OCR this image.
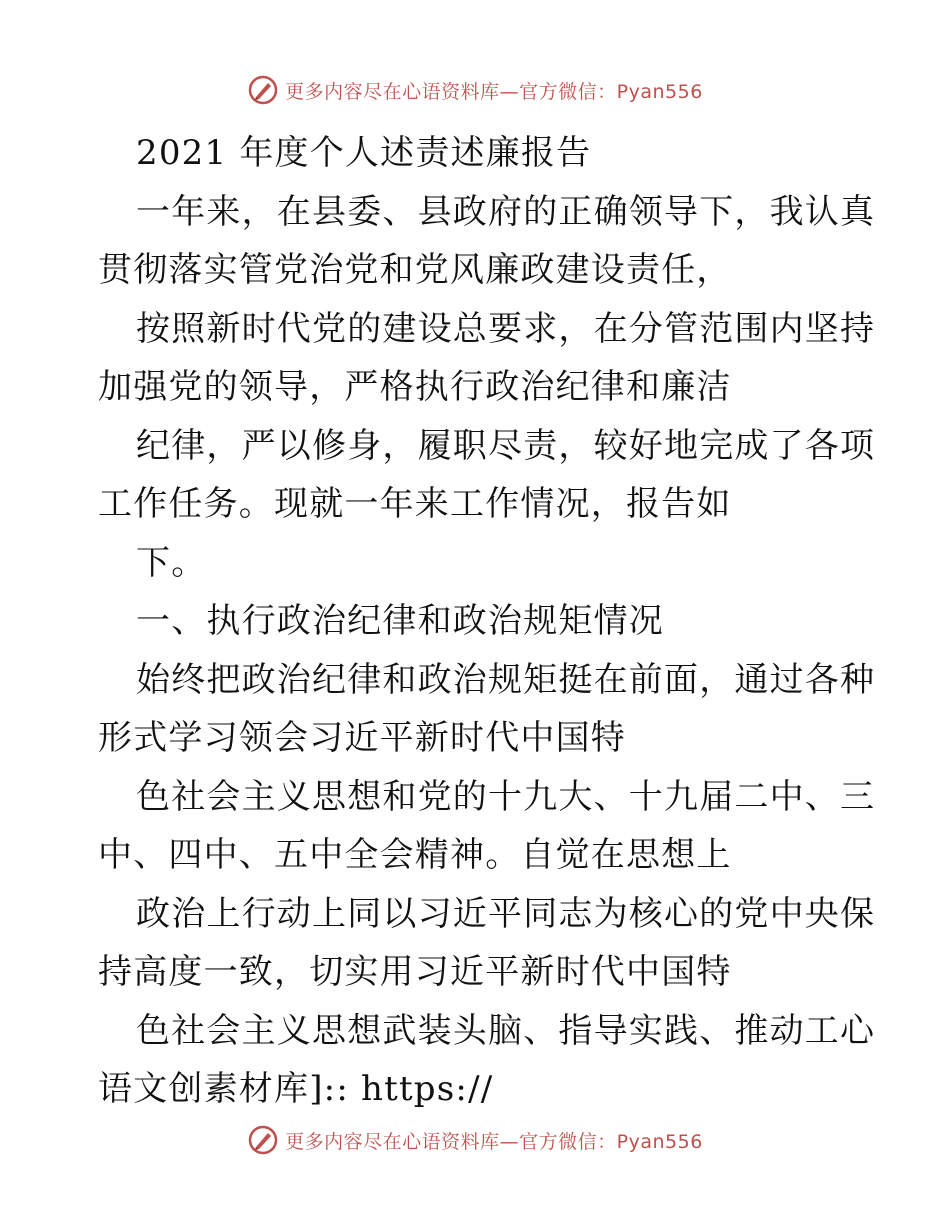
更多内容尽在心语资料库—官方微信：Pyan556
2021 年度个人述责述廉报告
一年来，在县委、县政府的正确领导下，我认真
贯彻落实管党治党和党风廉政建设责任，
按照新时代党的建设总要求，在分管范围内坚持
加强党的领导，严格执行政治纪律和廉洁
纪律，严以修身，履职尽责，较好地完成了各项
工作任务。现就一年来工作情况，报告如
下。
一、执行政治纪律和政治规矩情况
始终把政治纪律和政治规矩挺在前面，通过各种
形式学习领会习近平新时代中国特
色社会主义思想和党的十九大、十九届二中、三
中、四中、五中全会精神。自觉在思想上
政治上行动上同以习近平同志为核心的党中央保
持高度一致，切实用习近平新时代中国特
色社会主义思想武装头脑、指导实践、推动工心
语文创素材库]:: https://
更多内容尽在心语资料库—官方微信：Pyan556
